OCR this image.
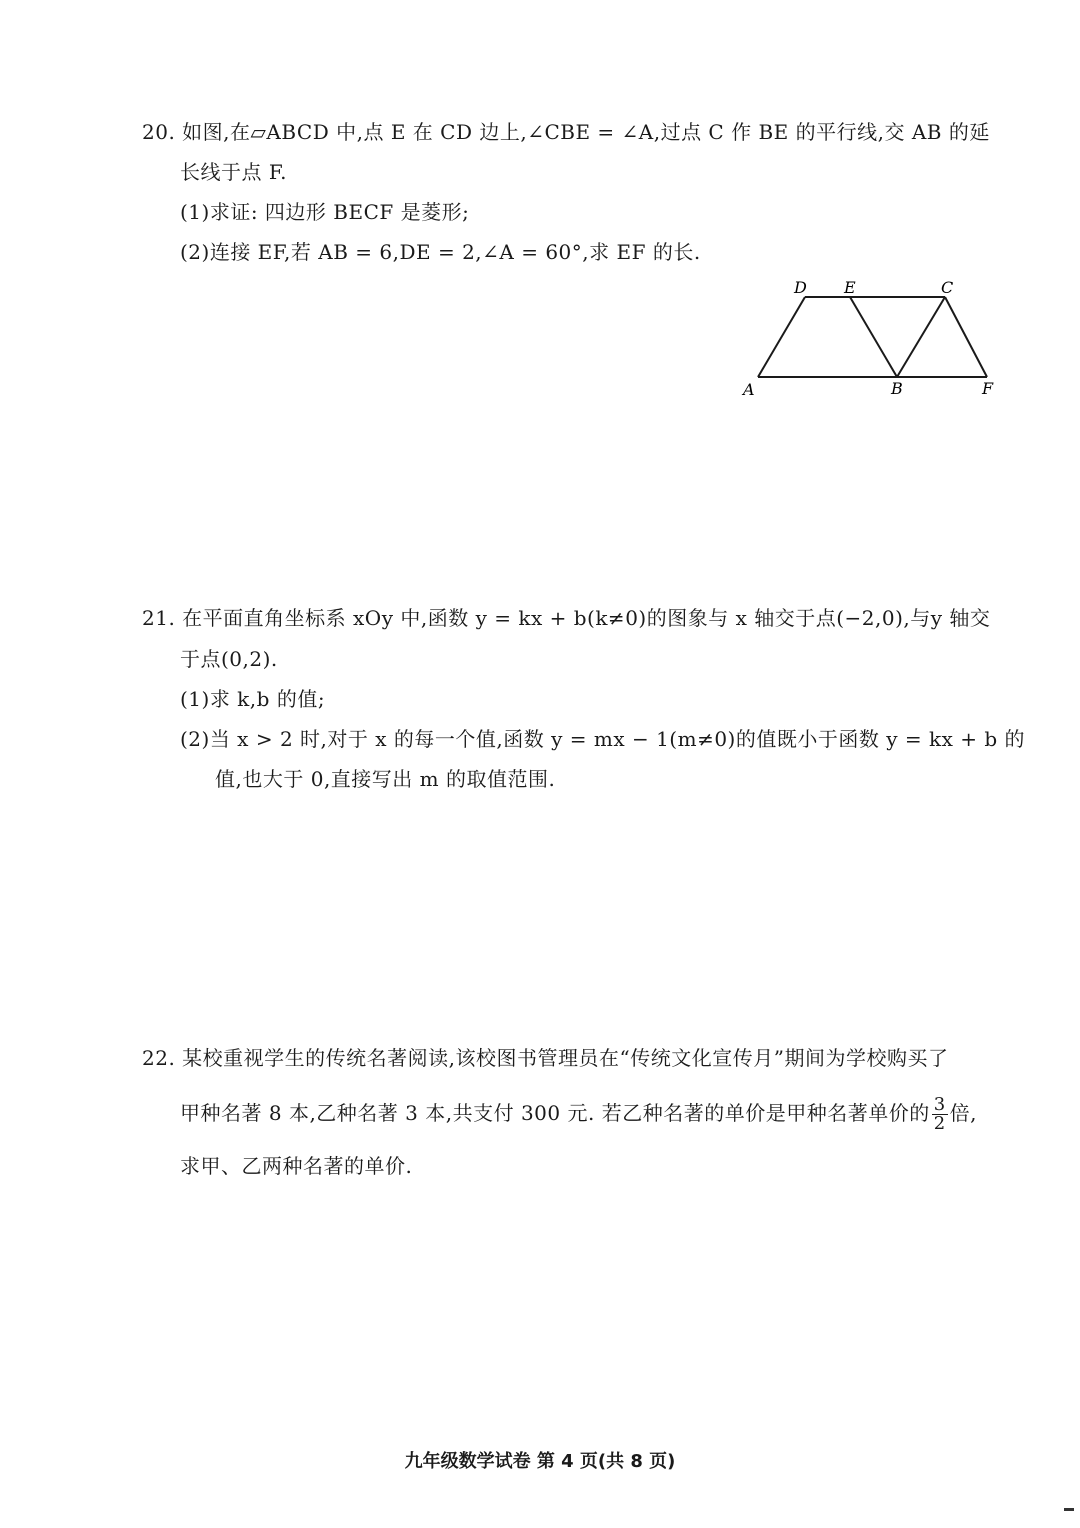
20. 如图,在▱ABCD 中,点 E 在 CD 边上,∠CBE = ∠A,过点 C 作 BE 的平行线,交 AB 的延
长线于点 F.
(1)求证: 四边形 BECF 是菱形;
(2)连接 EF,若 AB = 6,DE = 2,∠A = 60°,求 EF 的长.
D E	C
A	B	F
21. 在平面直角坐标系 xOy 中,函数 y = kx + b(k≠0)的图象与 x 轴交于点(−2,0),与y 轴交
于点(0,2).
(1)求 k,b 的值;
(2)当 x > 2 时,对于 x 的每一个值,函数 y = mx − 1(m≠0)的值既小于函数 y = kx + b 的
值,也大于 0,直接写出 m 的取值范围.
22. 某校重视学生的传统名著阅读,该校图书管理员在“传统文化宣传月”期间为学校购买了
甲种名著 8 本,乙种名著 3 本,共支付 300 元. 若乙种名著的单价是甲种名著单价的 $\frac{3}{2}$ 倍,
求甲、乙两种名著的单价.
九年级数学试卷 第 4 页(共 8 页)
